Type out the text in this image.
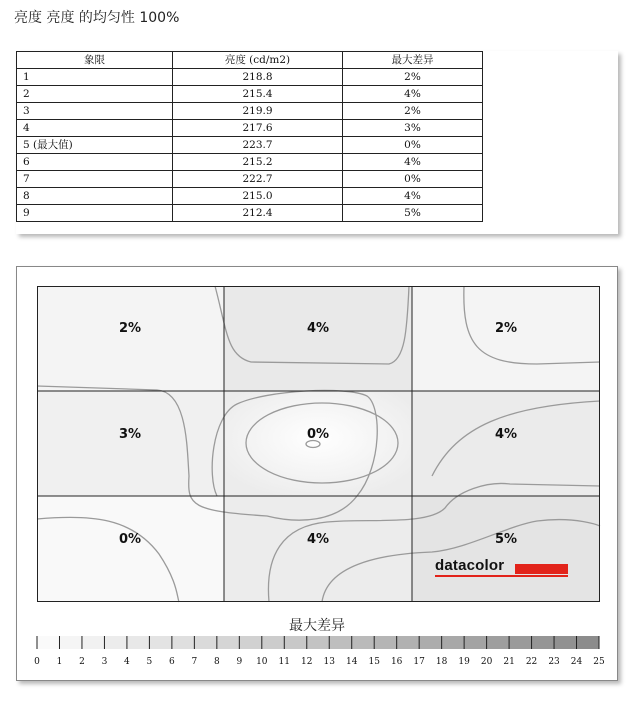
亮度 亮度 的均匀性 100%
象限	亮度 (cd/m2)	最大差异
1	218.8	2%
2	215.4	4%
3	219.9	2%
4	217.6	3%
5 (最大值)	223.7	0%
6	215.2	4%
7	222.7	0%
8	215.0	4%
9	212.4	5%
2%	4%	2%
3%	0%	4%
0%	4%	5%
datacolor
最大差异
0 1 2 3 4 5 6 7 8 9 10 11 12 13 14 15 16 17 18 19 20 21 22 23 24 25
